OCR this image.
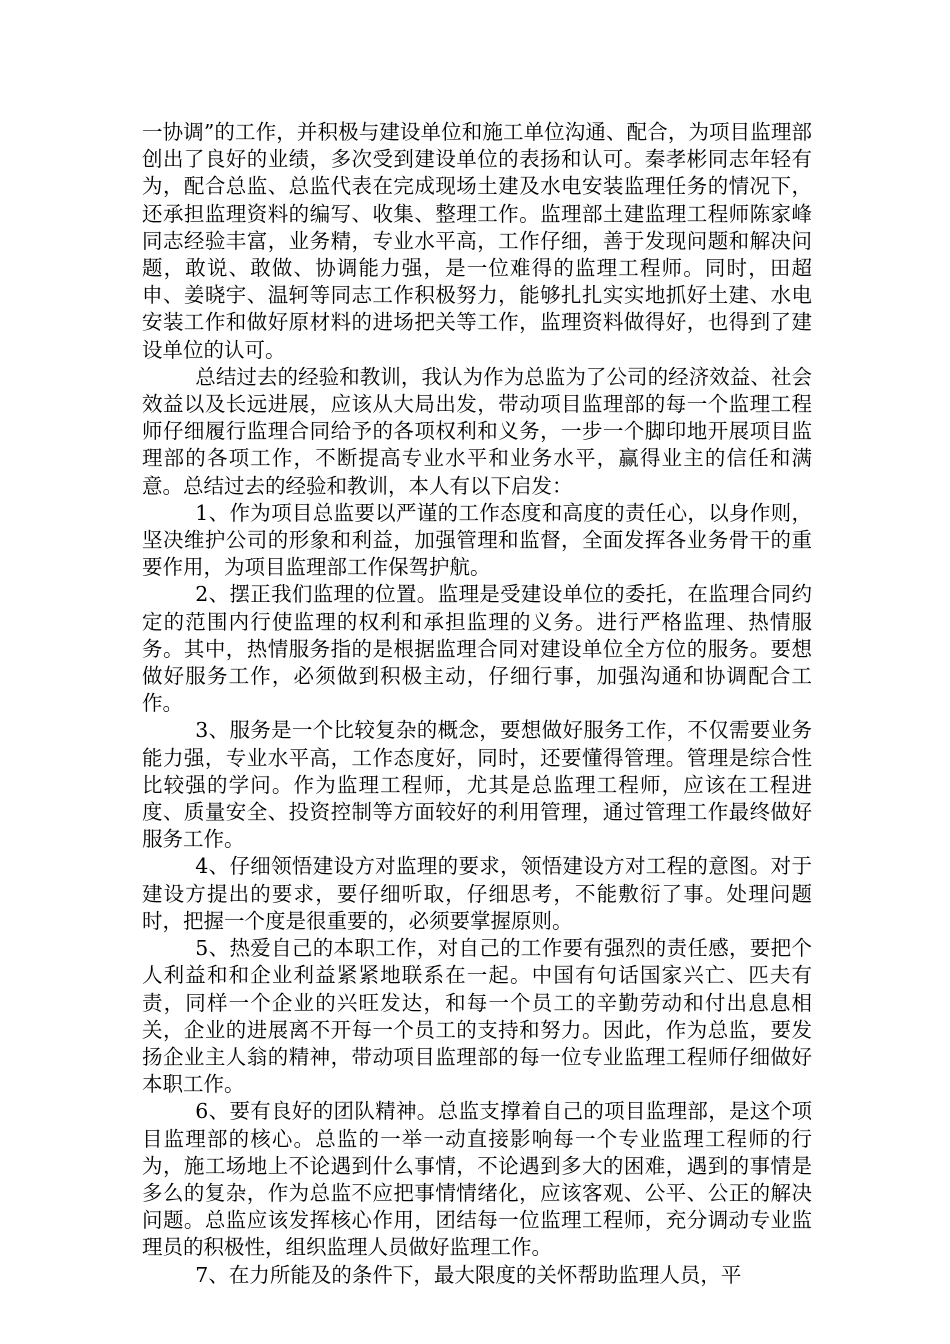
一协调”的工作，并积极与建设单位和施工单位沟通、配合，为项目监理部创出了良好的业绩，多次受到建设单位的表扬和认可。秦孝彬同志年轻有为，配合总监、总监代表在完成现场土建及水电安装监理任务的情况下，还承担监理资料的编写、收集、整理工作。监理部土建监理工程师陈家峰同志经验丰富，业务精，专业水平高，工作仔细，善于发现问题和解决问题，敢说、敢做、协调能力强，是一位难得的监理工程师。同时，田超申、姜晓宇、温轲等同志工作积极努力，能够扎扎实实地抓好土建、水电安装工作和做好原材料的进场把关等工作，监理资料做得好，也得到了建设单位的认可。

总结过去的经验和教训，我认为作为总监为了公司的经济效益、社会效益以及长远进展，应该从大局出发，带动项目监理部的每一个监理工程师仔细履行监理合同给予的各项权利和义务，一步一个脚印地开展项目监理部的各项工作，不断提高专业水平和业务水平，赢得业主的信任和满意。总结过去的经验和教训，本人有以下启发：

1、作为项目总监要以严谨的工作态度和高度的责任心，以身作则，坚决维护公司的形象和利益，加强管理和监督，全面发挥各业务骨干的重要作用，为项目监理部工作保驾护航。

2、摆正我们监理的位置。监理是受建设单位的委托，在监理合同约定的范围内行使监理的权利和承担监理的义务。进行严格监理、热情服务。其中，热情服务指的是根据监理合同对建设单位全方位的服务。要想做好服务工作，必须做到积极主动，仔细行事，加强沟通和协调配合工作。

3、服务是一个比较复杂的概念，要想做好服务工作，不仅需要业务能力强，专业水平高，工作态度好，同时，还要懂得管理。管理是综合性比较强的学问。作为监理工程师，尤其是总监理工程师，应该在工程进度、质量安全、投资控制等方面较好的利用管理，通过管理工作最终做好服务工作。

4、仔细领悟建设方对监理的要求，领悟建设方对工程的意图。对于建设方提出的要求，要仔细听取，仔细思考，不能敷衍了事。处理问题时，把握一个度是很重要的，必须要掌握原则。

5、热爱自己的本职工作，对自己的工作要有强烈的责任感，要把个人利益和和企业利益紧紧地联系在一起。中国有句话国家兴亡、匹夫有责，同样一个企业的兴旺发达，和每一个员工的辛勤劳动和付出息息相关，企业的进展离不开每一个员工的支持和努力。因此，作为总监，要发扬企业主人翁的精神，带动项目监理部的每一位专业监理工程师仔细做好本职工作。

6、要有良好的团队精神。总监支撑着自己的项目监理部，是这个项目监理部的核心。总监的一举一动直接影响每一个专业监理工程师的行为，施工场地上不论遇到什么事情，不论遇到多大的困难，遇到的事情是多么的复杂，作为总监不应把事情情绪化，应该客观、公平、公正的解决问题。总监应该发挥核心作用，团结每一位监理工程师，充分调动专业监理员的积极性，组织监理人员做好监理工作。

7、在力所能及的条件下，最大限度的关怀帮助监理人员，平
